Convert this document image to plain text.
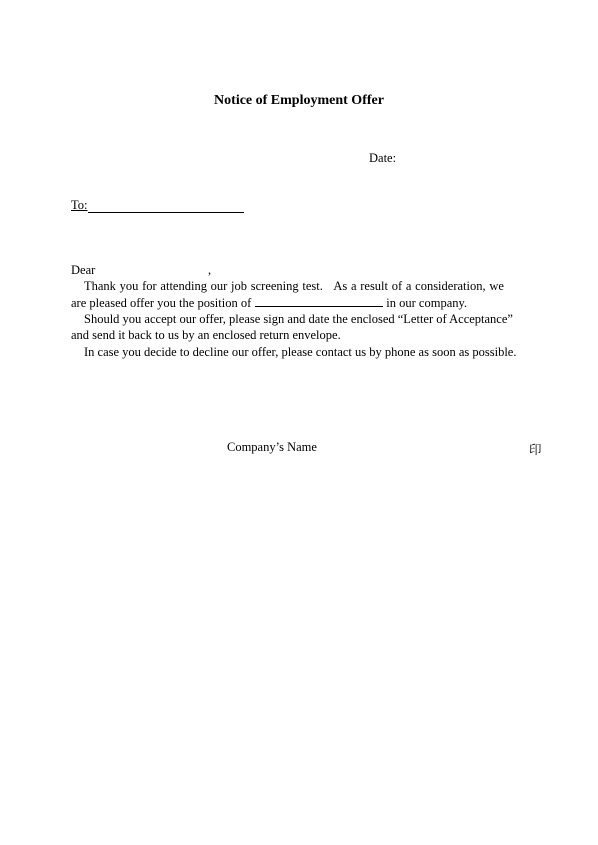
Notice of Employment Offer
Date:
To:
Dear	,
Thank you for attending our job screening test.   As a result of a consideration, we
are pleased offer you the position of	in our company.
Should you accept our offer, please sign and date the enclosed “Letter of Acceptance”
and send it back to us by an enclosed return envelope.
In case you decide to decline our offer, please contact us by phone as soon as possible.
Company’s Name	印
